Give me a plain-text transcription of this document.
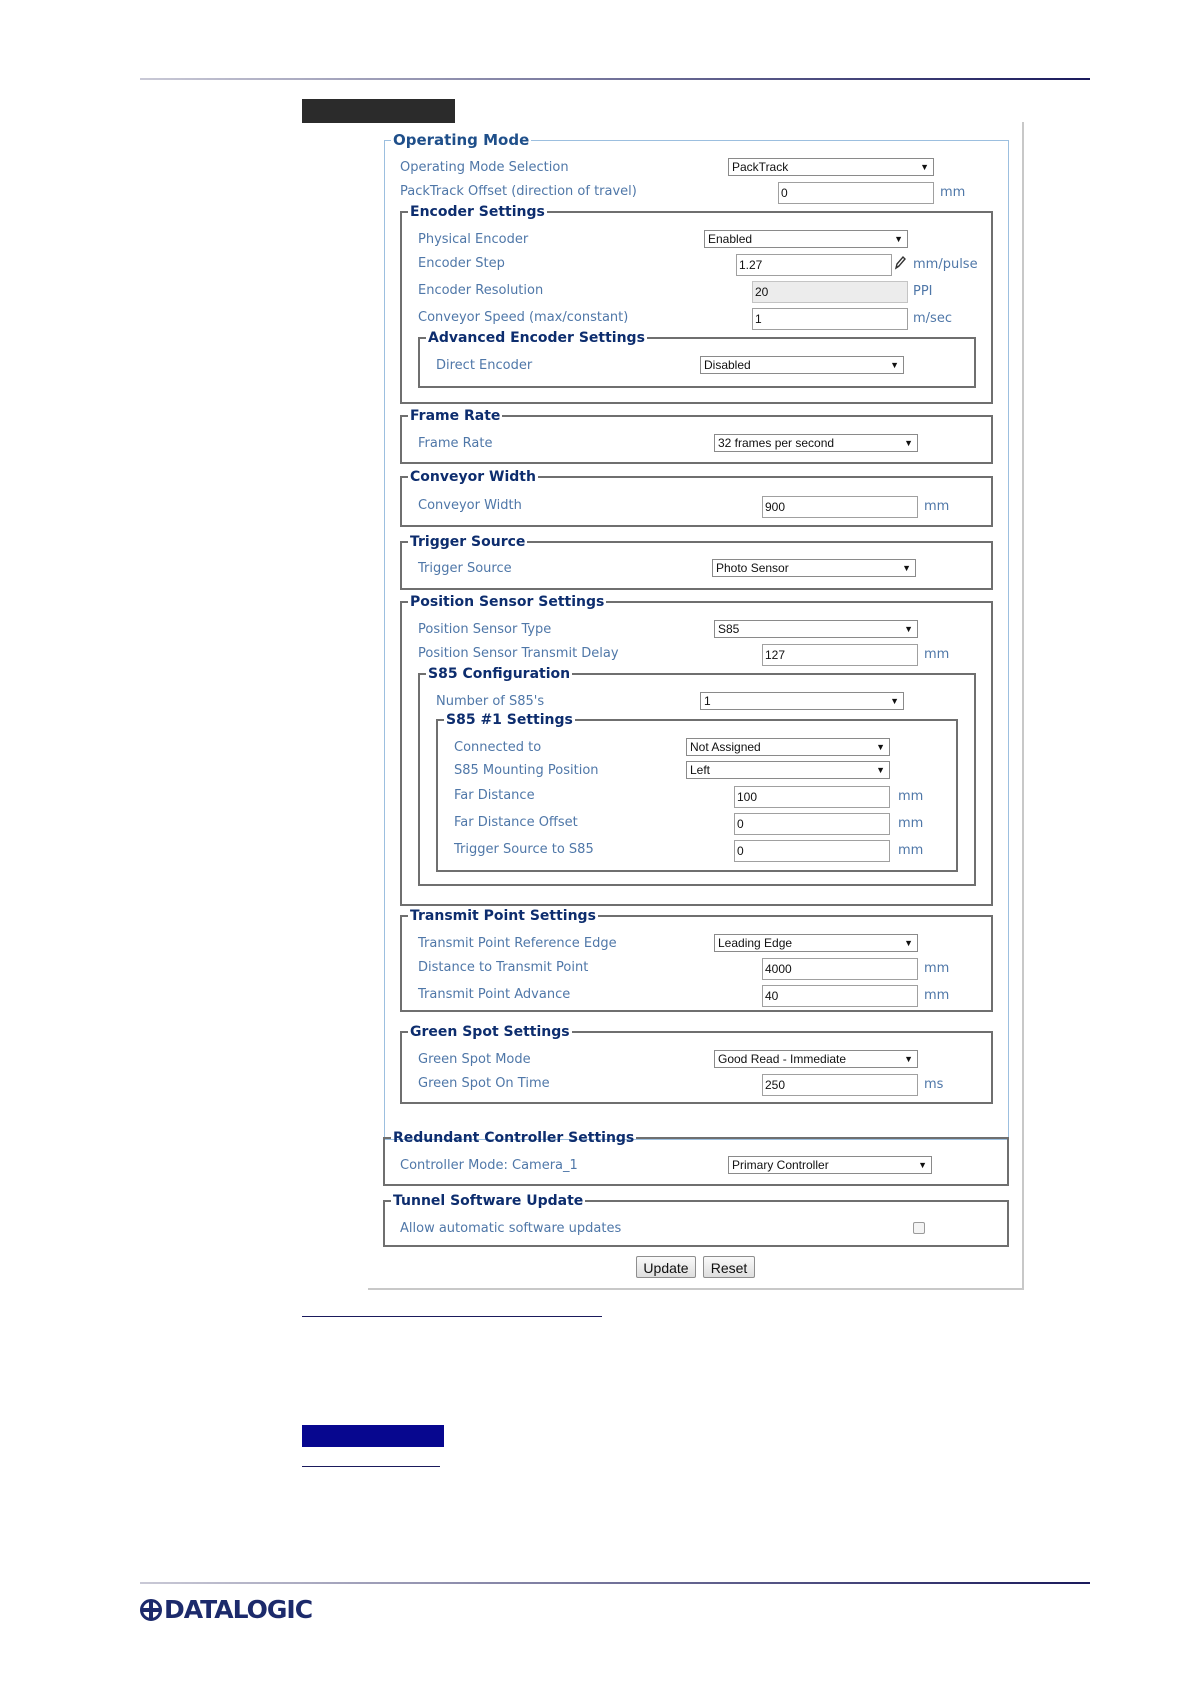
Operating Mode
Operating Mode Selection	PackTrack	▼
PackTrack Offset (direction of travel)	0	mm
Encoder Settings
Physical Encoder	Enabled	▼
Encoder Step	1.27	mm/pulse
Encoder Resolution	20	PPI
Conveyor Speed (max/constant)	1	m/sec
Advanced Encoder Settings
Direct Encoder	Disabled	▼
Frame Rate
Frame Rate	32 frames per second	▼
Conveyor Width
Conveyor Width	900	mm
Trigger Source
Trigger Source	Photo Sensor	▼
Position Sensor Settings
Position Sensor Type	S85	▼
Position Sensor Transmit Delay	127	mm
S85 Configuration
Number of S85's	1	▼
S85 #1 Settings
Connected to	Not Assigned	▼
S85 Mounting Position	Left	▼
Far Distance	100	mm
Far Distance Offset	0	mm
Trigger Source to S85	0	mm
Transmit Point Settings
Transmit Point Reference Edge	Leading Edge	▼
Distance to Transmit Point	4000	mm
Transmit Point Advance	40	mm
Green Spot Settings
Green Spot Mode	Good Read - Immediate	▼
Green Spot On Time	250	ms
Redundant Controller Settings
Controller Mode: Camera_1	Primary Controller	▼
Tunnel Software Update
Allow automatic software updates
Update	Reset
DATALOGIC
